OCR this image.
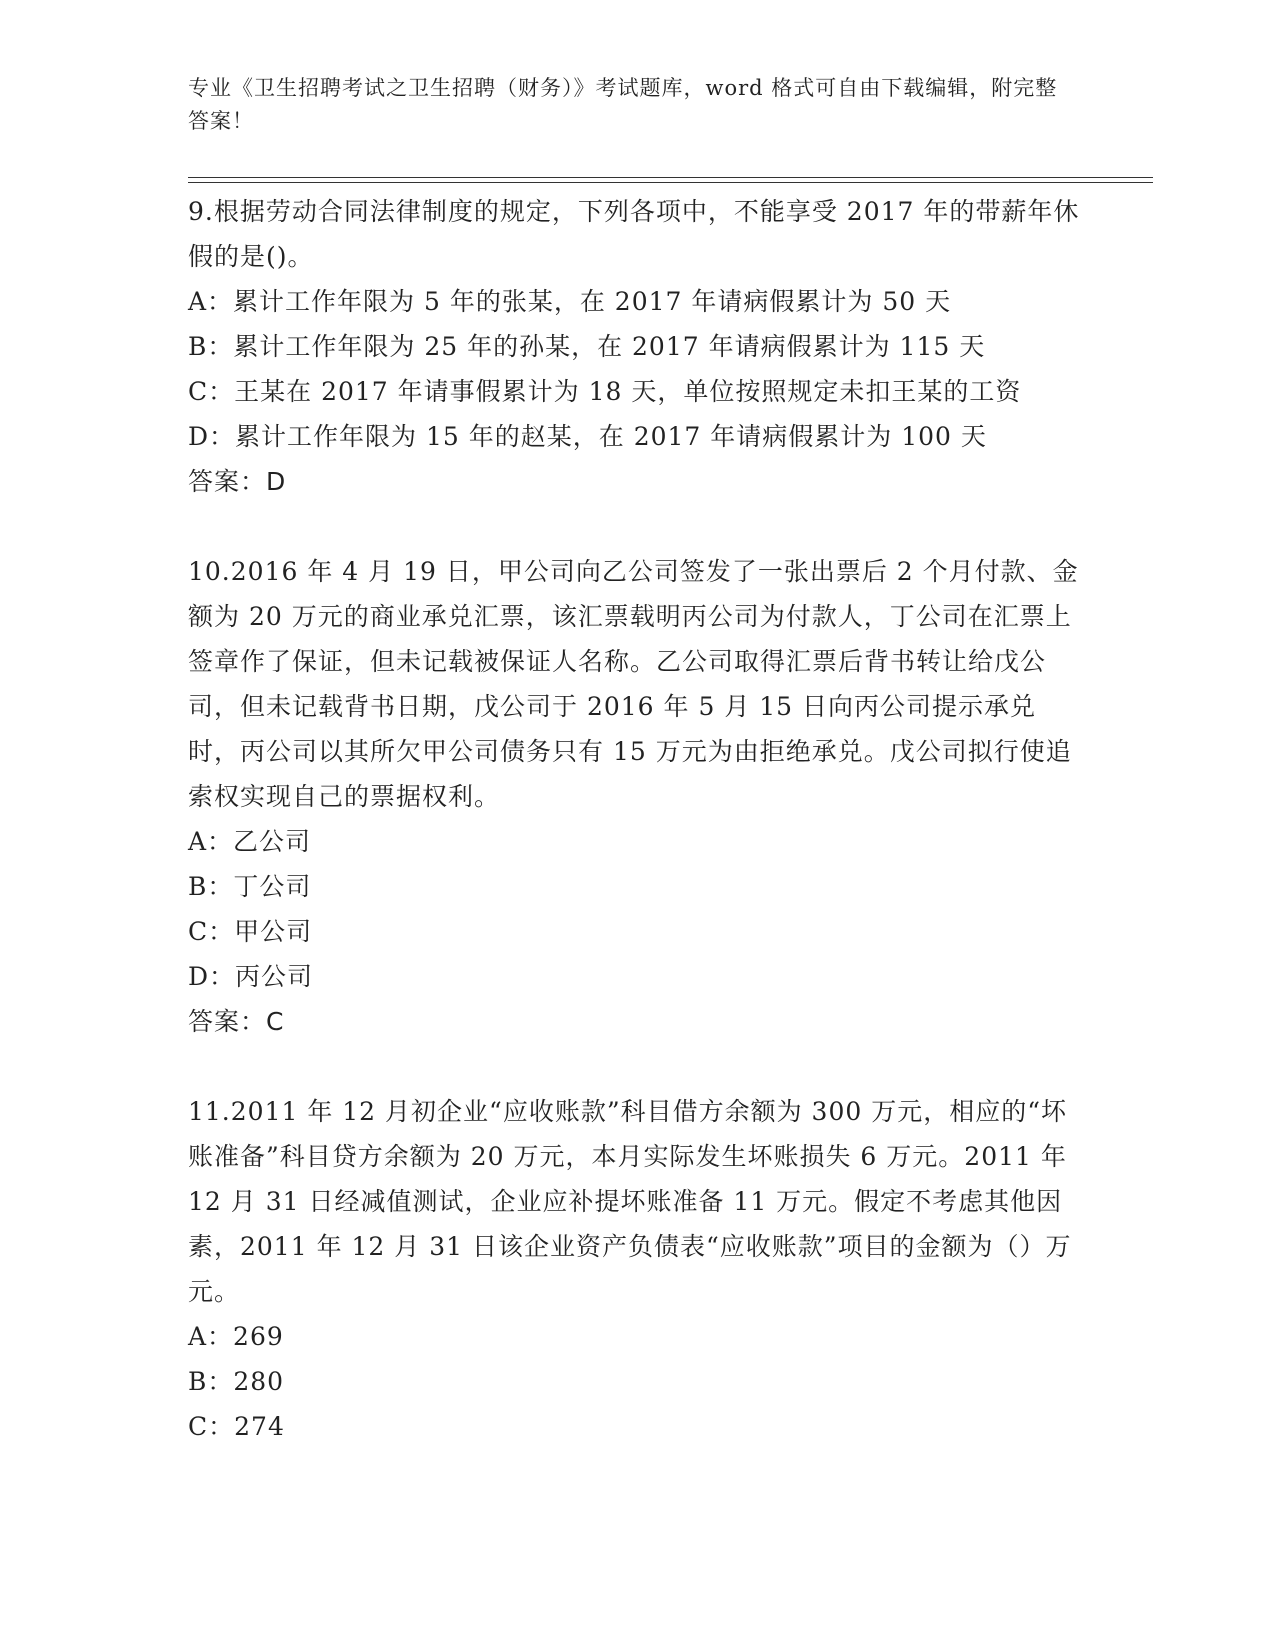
专业《卫生招聘考试之卫生招聘（财务）》考试题库，word 格式可自由下载编辑，附完整答案！

9.根据劳动合同法律制度的规定，下列各项中，不能享受 2017 年的带薪年休假的是()。

A：累计工作年限为 5 年的张某，在 2017 年请病假累计为 50 天

B：累计工作年限为 25 年的孙某，在 2017 年请病假累计为 115 天

C：王某在 2017 年请事假累计为 18 天，单位按照规定未扣王某的工资

D：累计工作年限为 15 年的赵某，在 2017 年请病假累计为 100 天

答案：D

10.2016 年 4 月 19 日，甲公司向乙公司签发了一张出票后 2 个月付款、金额为 20 万元的商业承兑汇票，该汇票载明丙公司为付款人，丁公司在汇票上签章作了保证，但未记载被保证人名称。乙公司取得汇票后背书转让给戊公司，但未记载背书日期，戊公司于 2016 年 5 月 15 日向丙公司提示承兑时，丙公司以其所欠甲公司债务只有 15 万元为由拒绝承兑。戊公司拟行使追索权实现自己的票据权利。

A：乙公司

B：丁公司

C：甲公司

D：丙公司

答案：C

11.2011 年 12 月初企业“应收账款”科目借方余额为 300 万元，相应的“坏账准备”科目贷方余额为 20 万元，本月实际发生坏账损失 6 万元。2011 年 12 月 31 日经减值测试，企业应补提坏账准备 11 万元。假定不考虑其他因素，2011 年 12 月 31 日该企业资产负债表“应收账款”项目的金额为（）万元。

A：269

B：280

C：274
